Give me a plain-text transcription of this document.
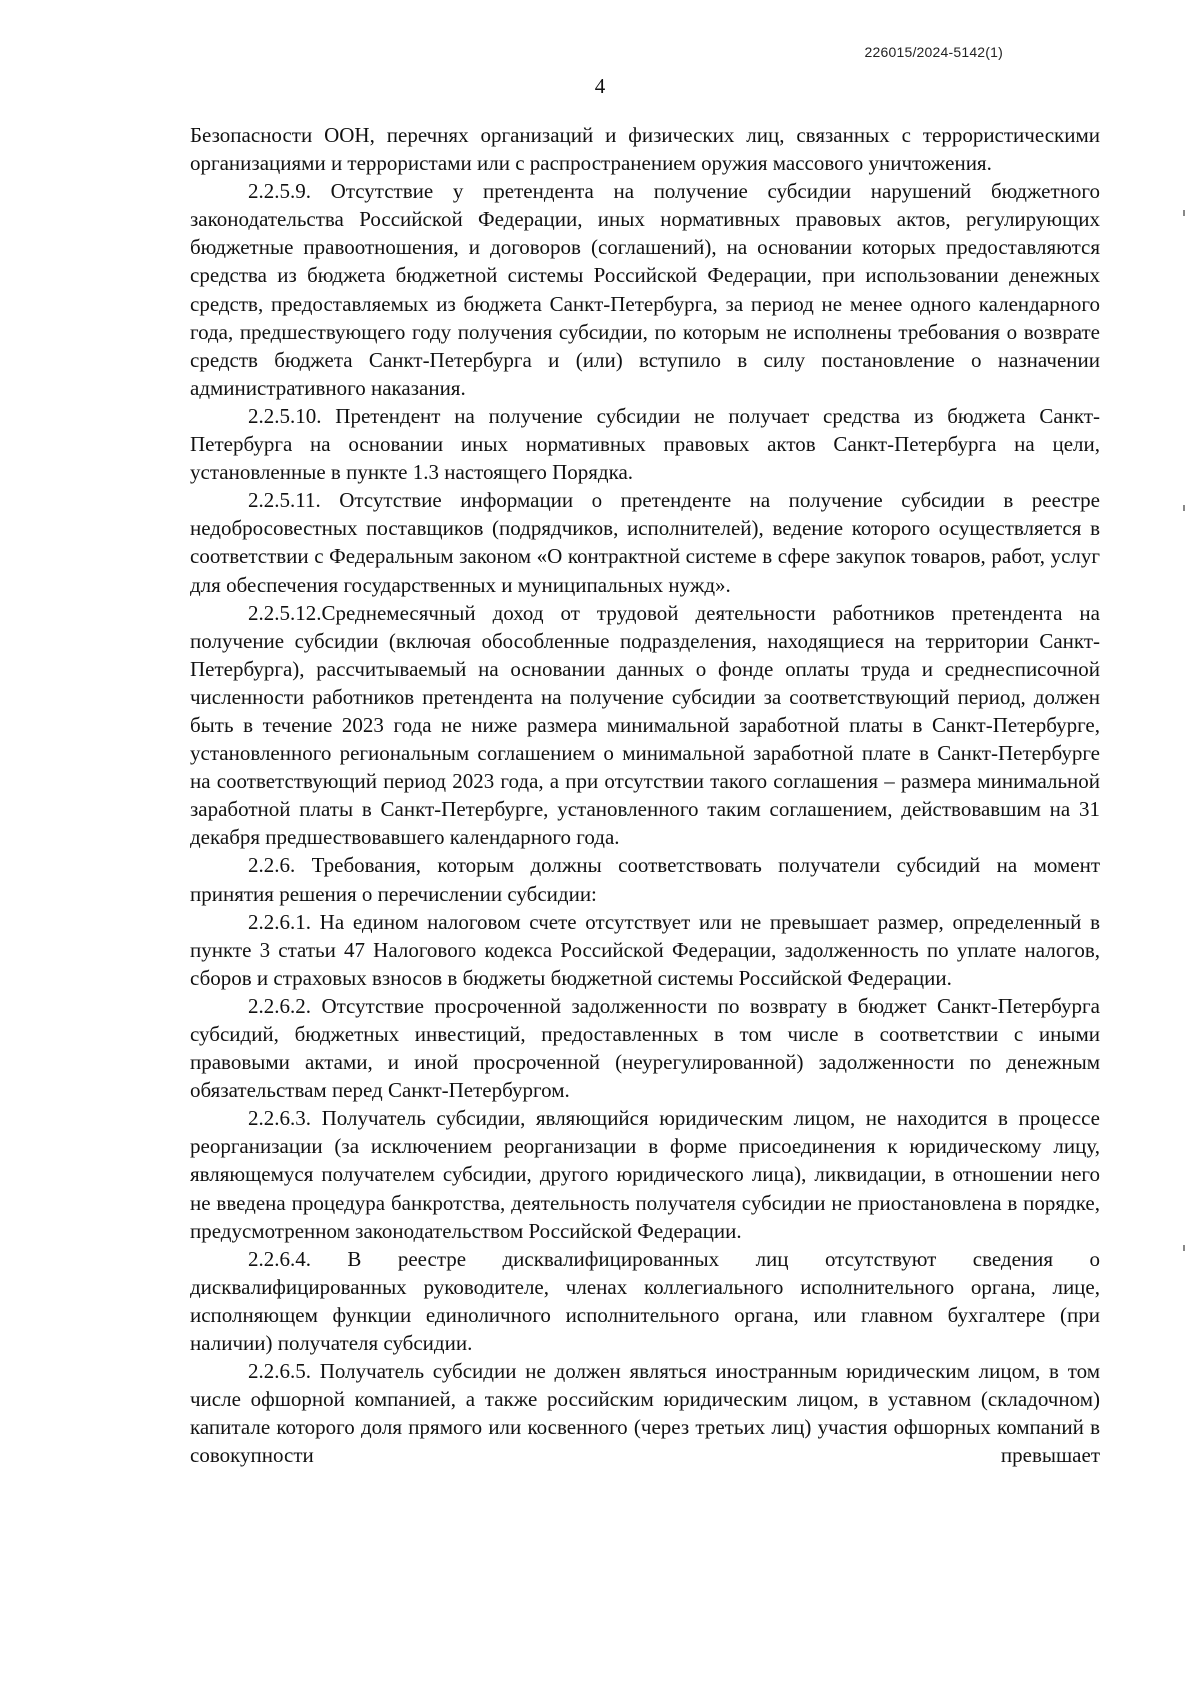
226015/2024-5142(1)
4

Безопасности ООН, перечнях организаций и физических лиц, связанных с террористическими организациями и террористами или с распространением оружия массового уничтожения.

2.2.5.9. Отсутствие у претендента на получение субсидии нарушений бюджетного законодательства Российской Федерации, иных нормативных правовых актов, регулирующих бюджетные правоотношения, и договоров (соглашений), на основании которых предоставляются средства из бюджета бюджетной системы Российской Федерации, при использовании денежных средств, предоставляемых из бюджета Санкт-Петербурга, за период не менее одного календарного года, предшествующего году получения субсидии, по которым не исполнены требования о возврате средств бюджета Санкт-Петербурга и (или) вступило в силу постановление о назначении административного наказания.

2.2.5.10. Претендент на получение субсидии не получает средства из бюджета Санкт-Петербурга на основании иных нормативных правовых актов Санкт-Петербурга на цели, установленные в пункте 1.3 настоящего Порядка.

2.2.5.11. Отсутствие информации о претенденте на получение субсидии в реестре недобросовестных поставщиков (подрядчиков, исполнителей), ведение которого осуществляется в соответствии с Федеральным законом «О контрактной системе в сфере закупок товаров, работ, услуг для обеспечения государственных и муниципальных нужд».

2.2.5.12.Среднемесячный доход от трудовой деятельности работников претендента на получение субсидии (включая обособленные подразделения, находящиеся на территории Санкт-Петербурга), рассчитываемый на основании данных о фонде оплаты труда и среднесписочной численности работников претендента на получение субсидии за соответствующий период, должен быть в течение 2023 года не ниже размера минимальной заработной платы в Санкт-Петербурге, установленного региональным соглашением о минимальной заработной плате в Санкт-Петербурге на соответствующий период 2023 года, а при отсутствии такого соглашения – размера минимальной заработной платы в Санкт-Петербурге, установленного таким соглашением, действовавшим на 31 декабря предшествовавшего календарного года.

2.2.6. Требования, которым должны соответствовать получатели субсидий на момент принятия решения о перечислении субсидии:

2.2.6.1. На едином налоговом счете отсутствует или не превышает размер, определенный в пункте 3 статьи 47 Налогового кодекса Российской Федерации, задолженность по уплате налогов, сборов и страховых взносов в бюджеты бюджетной системы Российской Федерации.

2.2.6.2. Отсутствие просроченной задолженности по возврату в бюджет Санкт-Петербурга субсидий, бюджетных инвестиций, предоставленных в том числе в соответствии с иными правовыми актами, и иной просроченной (неурегулированной) задолженности по денежным обязательствам перед Санкт-Петербургом.

2.2.6.3. Получатель субсидии, являющийся юридическим лицом, не находится в процессе реорганизации (за исключением реорганизации в форме присоединения к юридическому лицу, являющемуся получателем субсидии, другого юридического лица), ликвидации, в отношении него не введена процедура банкротства, деятельность получателя субсидии не приостановлена в порядке, предусмотренном законодательством Российской Федерации.

2.2.6.4. В реестре дисквалифицированных лиц отсутствуют сведения о дисквалифицированных руководителе, членах коллегиального исполнительного органа, лице, исполняющем функции единоличного исполнительного органа, или главном бухгалтере (при наличии) получателя субсидии.

2.2.6.5. Получатель субсидии не должен являться иностранным юридическим лицом, в том числе офшорной компанией, а также российским юридическим лицом, в уставном (складочном) капитале которого доля прямого или косвенного (через третьих лиц) участия офшорных компаний в совокупности превышает
